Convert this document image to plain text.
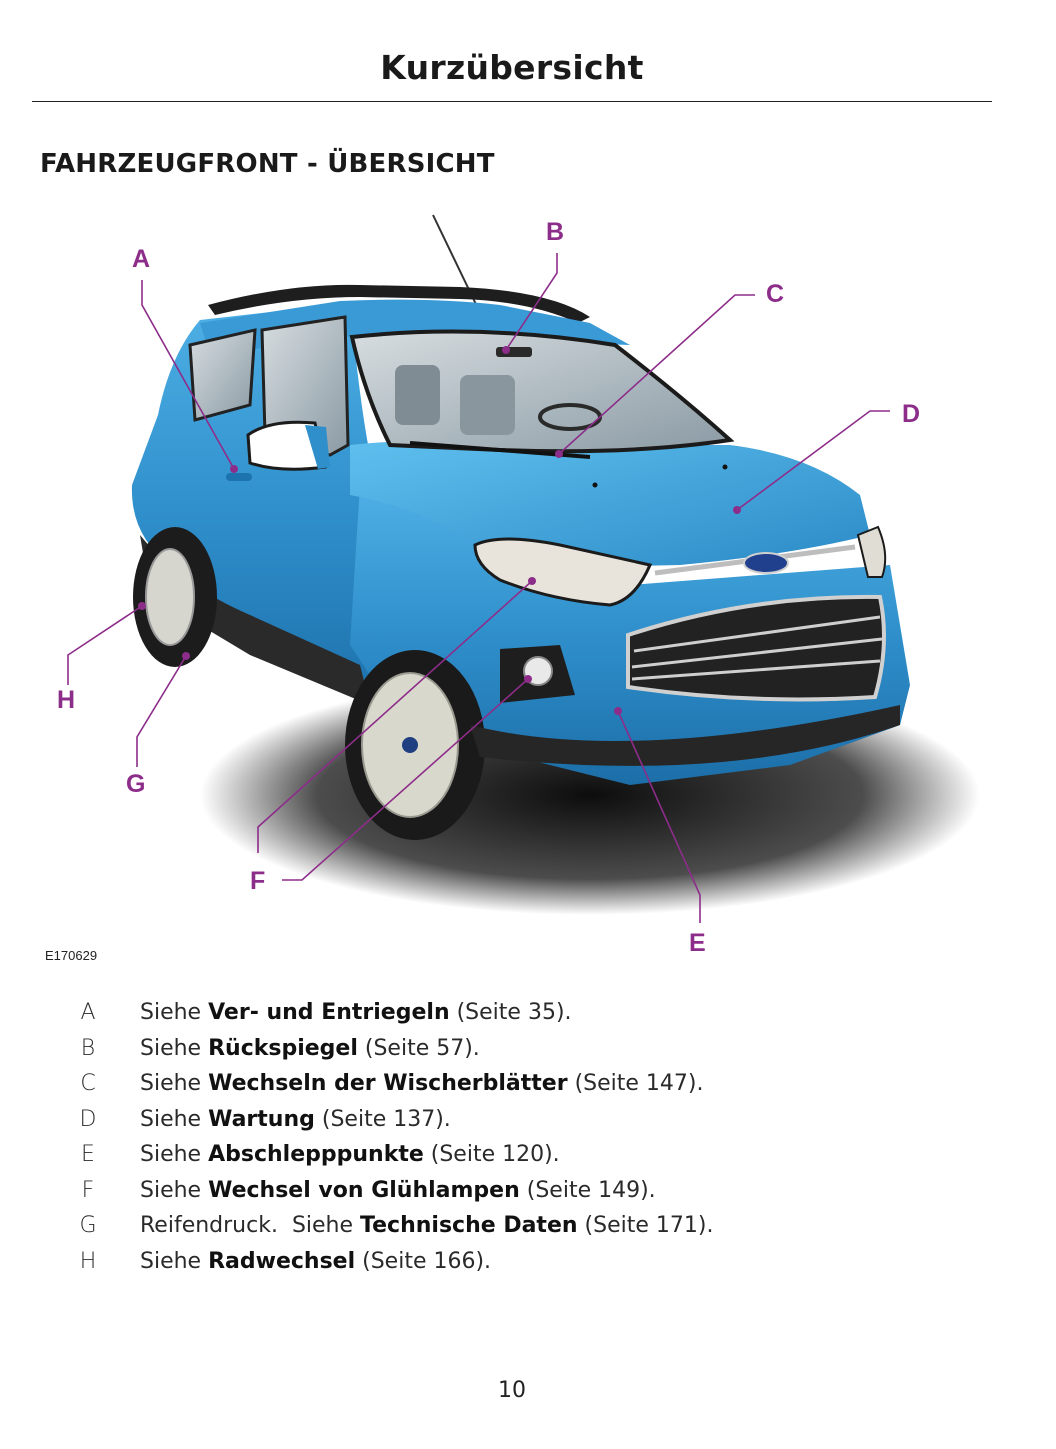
Kurzübersicht
FAHRZEUGFRONT - ÜBERSICHT
A
B
C
D
E
F
G
H
E170629
A Siehe Ver- und Entriegeln (Seite 35).
B Siehe Rückspiegel (Seite 57).
C Siehe Wechseln der Wischerblätter (Seite 147).
D Siehe Wartung (Seite 137).
E Siehe Abschlepppunkte (Seite 120).
F Siehe Wechsel von Glühlampen (Seite 149).
G Reifendruck.  Siehe Technische Daten (Seite 171).
H Siehe Radwechsel (Seite 166).
10
